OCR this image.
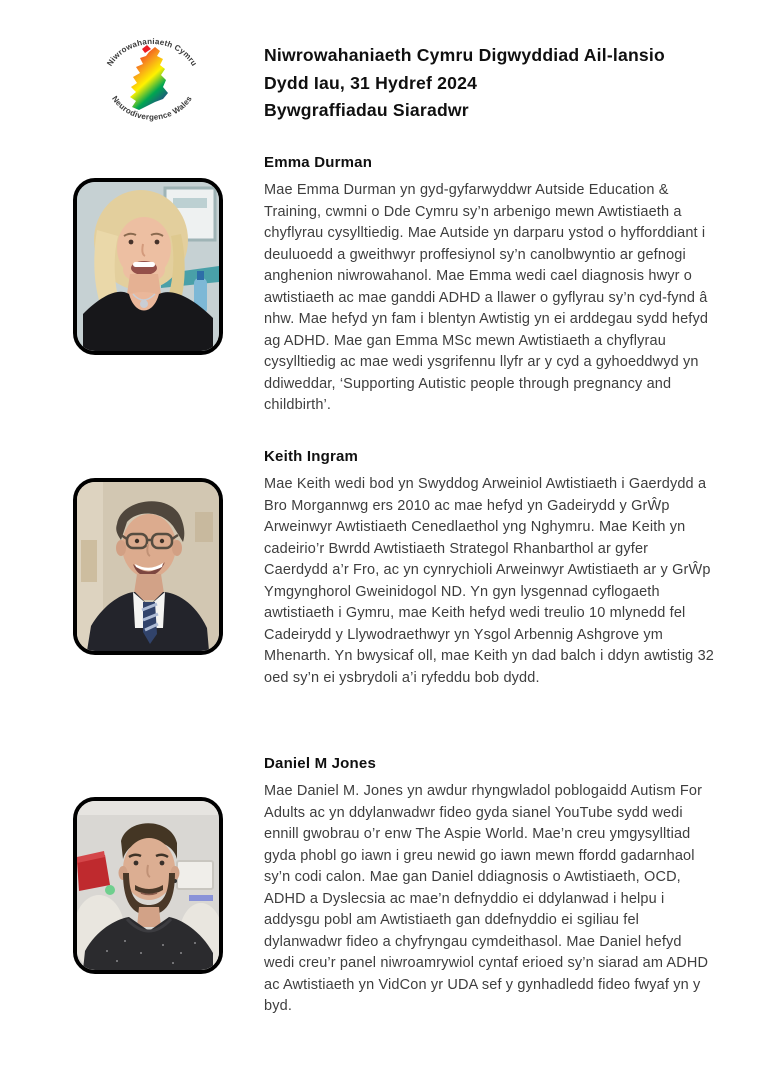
Niwrowahaniaeth Cymru
Neurodivergence Wales
Niwrowahaniaeth Cymru Digwyddiad Ail-lansio
Dydd Iau, 31 Hydref 2024
Bywgraffiadau Siaradwr
Emma Durman

Mae Emma Durman yn gyd-gyfarwyddwr Autside Education & Training, cwmni o Dde Cymru sy’n arbenigo mewn Awtistiaeth a chyflyrau cysylltiedig. Mae Autside yn darparu ystod o hyfforddiant i deuluoedd a gweithwyr proffesiynol sy’n canolbwyntio ar gefnogi anghenion niwrowahanol. Mae Emma wedi cael diagnosis hwyr o awtistiaeth ac mae ganddi ADHD a llawer o gyflyrau sy’n cyd-fynd â nhw. Mae hefyd yn fam i blentyn Awtistig yn ei arddegau sydd hefyd ag ADHD. Mae gan Emma MSc mewn Awtistiaeth a chyflyrau cysylltiedig ac mae wedi ysgrifennu llyfr ar y cyd a gyhoeddwyd yn ddiweddar, ‘Supporting Autistic people through pregnancy and childbirth’.

Keith Ingram

Mae Keith wedi bod yn Swyddog Arweiniol Awtistiaeth i Gaerdydd a Bro Morgannwg ers 2010 ac mae hefyd yn Gadeirydd y GrŴp Arweinwyr Awtistiaeth Cenedlaethol yng Nghymru. Mae Keith yn cadeirio’r Bwrdd Awtistiaeth Strategol Rhanbarthol ar gyfer Caerdydd a’r Fro, ac yn cynrychioli Arweinwyr Awtistiaeth ar y GrŴp Ymgynghorol Gweinidogol ND. Yn gyn lysgennad cyflogaeth awtistiaeth i Gymru, mae Keith hefyd wedi treulio 10 mlynedd fel Cadeirydd y Llywodraethwyr yn Ysgol Arbennig Ashgrove ym Mhenarth. Yn bwysicaf oll, mae Keith yn dad balch i ddyn awtistig 32 oed sy’n ei ysbrydoli a’i ryfeddu bob dydd.

Daniel M Jones

Mae Daniel M. Jones yn awdur rhyngwladol poblogaidd Autism For Adults ac yn ddylanwadwr fideo gyda sianel YouTube sydd wedi ennill gwobrau o’r enw The Aspie World. Mae’n creu ymgysylltiad gyda phobl go iawn i greu newid go iawn mewn ffordd gadarnhaol sy’n codi calon. Mae gan Daniel ddiagnosis o Awtistiaeth, OCD, ADHD a Dyslecsia ac mae’n defnyddio ei ddylanwad i helpu i addysgu pobl am Awtistiaeth gan ddefnyddio ei sgiliau fel dylanwadwr fideo a chyfryngau cymdeithasol. Mae Daniel hefyd wedi creu’r panel niwroamrywiol cyntaf erioed sy’n siarad am ADHD ac Awtistiaeth yn VidCon yr UDA sef y gynhadledd fideo fwyaf yn y byd.
